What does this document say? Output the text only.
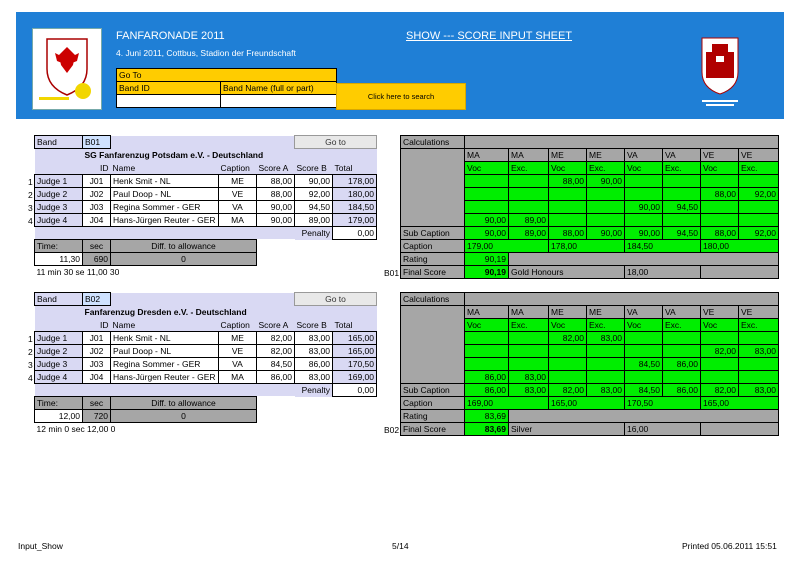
FANFARONADE 2011
4. Juni 2011, Cottbus, Stadion der Freundschaft
SHOW --- SCORE INPUT SHEET
Go To	
Band ID	Band Name (full or part)

Click here to search
Band	B01				Go to	
	SG Fanfarenzug Potsdam e.V. - Deutschland					
	ID	Name	Caption	Score A	Score B	Total
Judge 1	J01	Henk Smit - NL	ME	88,00	90,00	178,00
Judge 2	J02	Paul Doop - NL	VE	88,00	92,00	180,00
Judge 3	J03	Regina Sommer - GER	VA	90,00	94,50	184,50
Judge 4	J04	Hans-Jürgen Reuter - GER	MA	90,00	89,00	179,00
					Penalty	0,00
Time:	sec	Diff. to allowance				
11,30	690	0				
11 min 30 se 11,00 30						
1
2
3
4
Calculations								
	MA	MA	ME	ME	VA	VA	VE	VE
	Voc	Exc.	Voc	Exc.	Voc	Exc.	Voc	Exc.
			88,00	90,00				
							88,00	92,00
					90,00	94,50		
	90,00	89,00						
Sub Caption	90,00	89,00	88,00	90,00	90,00	94,50	88,00	92,00
Caption	179,00		178,00		184,50		180,00	
Rating	90,19							
Final Score	90,19	Gold Honours			18,00			
B01
Band	B02				Go to	
	Fanfarenzug Dresden e.V. - Deutschland					
	ID	Name	Caption	Score A	Score B	Total
Judge 1	J01	Henk Smit - NL	ME	82,00	83,00	165,00
Judge 2	J02	Paul Doop - NL	VE	82,00	83,00	165,00
Judge 3	J03	Regina Sommer - GER	VA	84,50	86,00	170,50
Judge 4	J04	Hans-Jürgen Reuter - GER	MA	86,00	83,00	169,00
					Penalty	0,00
Time:	sec	Diff. to allowance				
12,00	720	0				
12 min 0 sec 12,00 0						
1
2
3
4
Calculations								
	MA	MA	ME	ME	VA	VA	VE	VE
	Voc	Exc.	Voc	Exc.	Voc	Exc.	Voc	Exc.
			82,00	83,00				
							82,00	83,00
					84,50	86,00		
	86,00	83,00						
Sub Caption	86,00	83,00	82,00	83,00	84,50	86,00	82,00	83,00
Caption	169,00		165,00		170,50		165,00	
Rating	83,69							
Final Score	83,69	Silver			16,00			
B02
Input_Show	5/14	Printed 05.06.2011 15:51
